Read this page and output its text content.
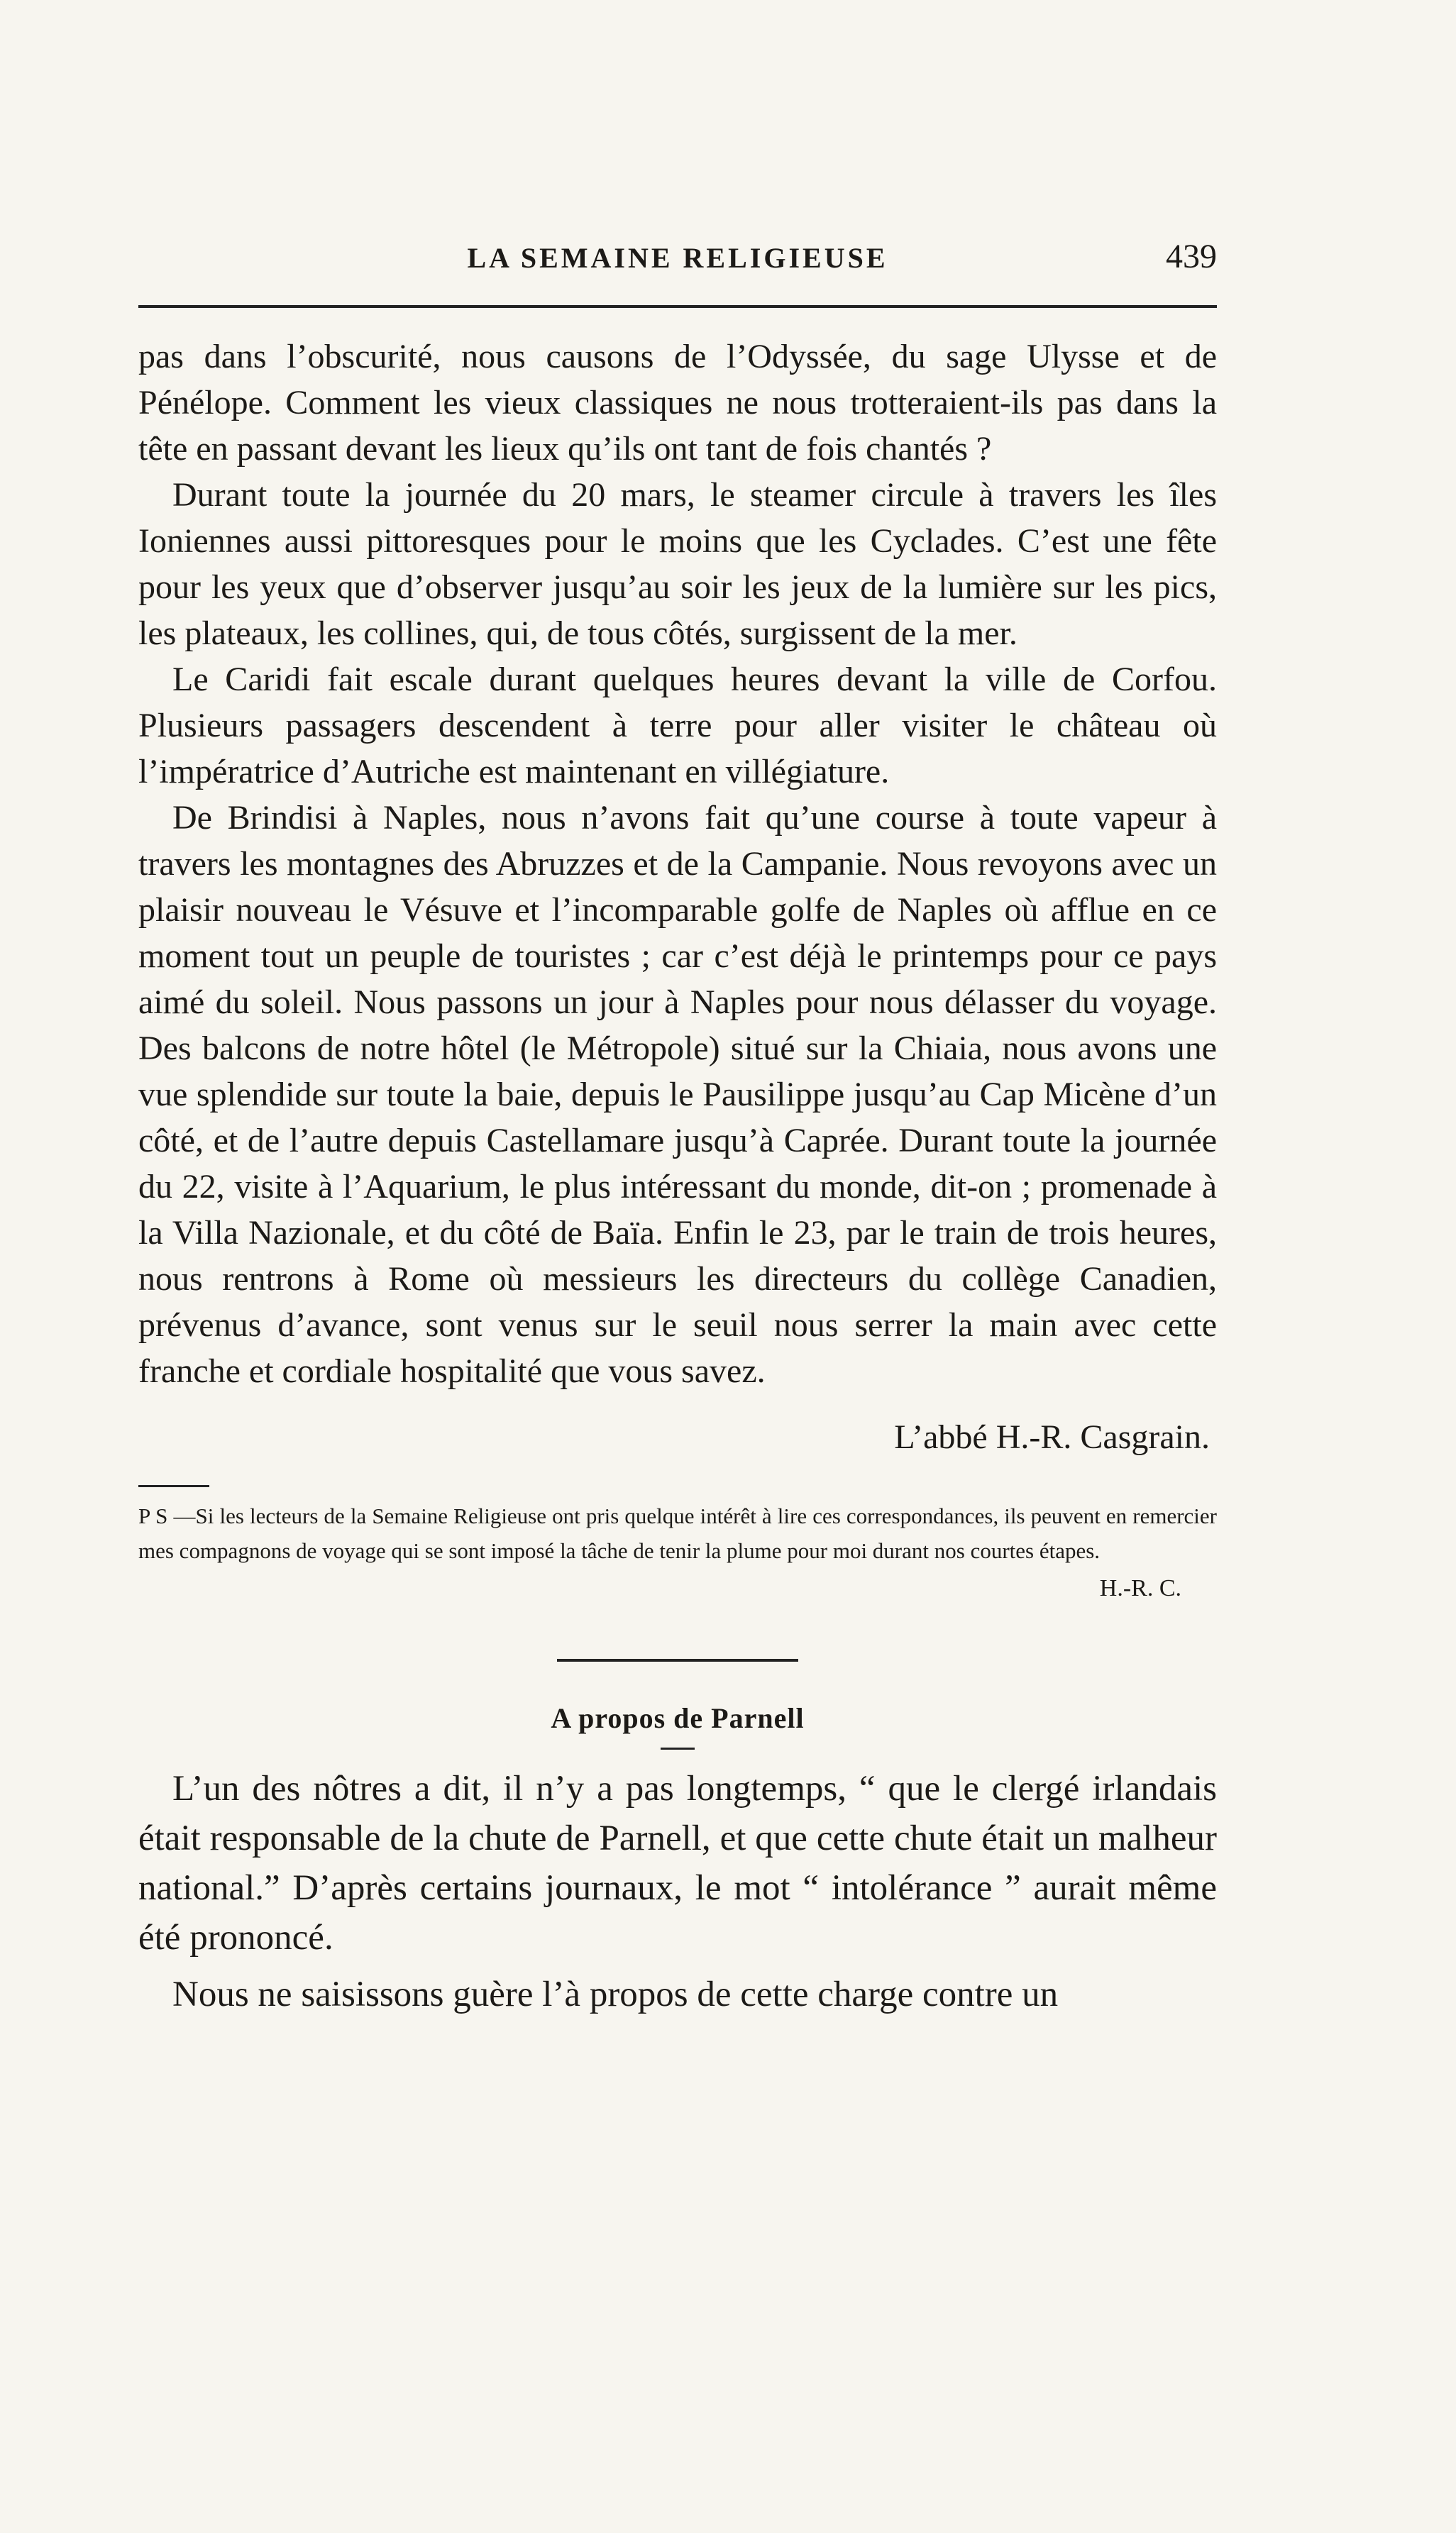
LA SEMAINE RELIGIEUSE	439

pas dans l’obscurité, nous causons de l’Odyssée, du sage Ulysse et de Pénélope. Comment les vieux classiques ne nous trotteraient-ils pas dans la tête en passant devant les lieux qu’ils ont tant de fois chantés ?

Durant toute la journée du 20 mars, le steamer circule à travers les îles Ioniennes aussi pittoresques pour le moins que les Cyclades. C’est une fête pour les yeux que d’observer jusqu’au soir les jeux de la lumière sur les pics, les plateaux, les collines, qui, de tous côtés, surgissent de la mer.

Le Caridi fait escale durant quelques heures devant la ville de Corfou. Plusieurs passagers descendent à terre pour aller visiter le château où l’impératrice d’Autriche est maintenant en villégiature.

De Brindisi à Naples, nous n’avons fait qu’une course à toute vapeur à travers les montagnes des Abruzzes et de la Campanie. Nous revoyons avec un plaisir nouveau le Vésuve et l’incomparable golfe de Naples où afflue en ce moment tout un peuple de touristes ; car c’est déjà le printemps pour ce pays aimé du soleil. Nous passons un jour à Naples pour nous délasser du voyage. Des balcons de notre hôtel (le Métropole) situé sur la Chiaia, nous avons une vue splendide sur toute la baie, depuis le Pausilippe jusqu’au Cap Micène d’un côté, et de l’autre depuis Castellamare jusqu’à Caprée. Durant toute la journée du 22, visite à l’Aquarium, le plus intéressant du monde, dit-on ; promenade à la Villa Nazionale, et du côté de Baïa. Enfin le 23, par le train de trois heures, nous rentrons à Rome où messieurs les directeurs du collège Canadien, prévenus d’avance, sont venus sur le seuil nous serrer la main avec cette franche et cordiale hospitalité que vous savez.

L’abbé H.-R. Casgrain.

P S —Si les lecteurs de la Semaine Religieuse ont pris quelque intérêt à lire ces correspondances, ils peuvent en remercier mes compagnons de voyage qui se sont imposé la tâche de tenir la plume pour moi durant nos courtes étapes.

H.-R. C.
A propos de Parnell

L’un des nôtres a dit, il n’y a pas longtemps, “ que le clergé irlandais était responsable de la chute de Parnell, et que cette chute était un malheur national.” D’après certains journaux, le mot “ intolérance ” aurait même été prononcé.

Nous ne saisissons guère l’à propos de cette charge contre un
